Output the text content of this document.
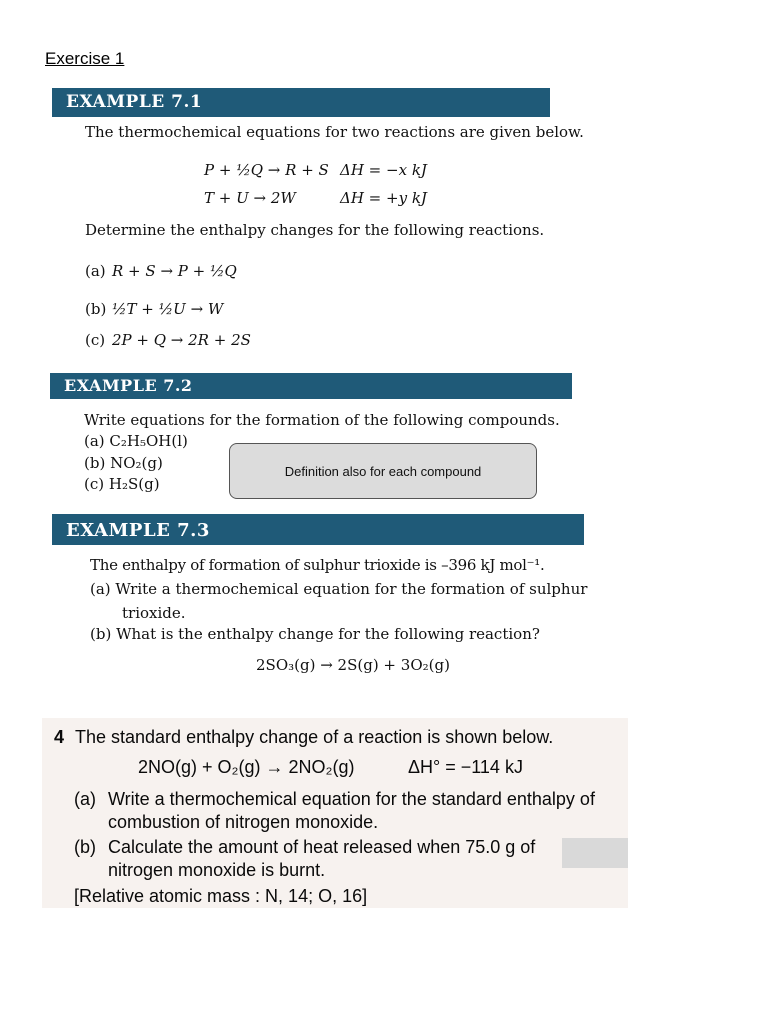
Exercise 1
EXAMPLE 7.1
The thermochemical equations for two reactions are given below.
P + ½Q → R + S ΔH = −x kJ
T + U → 2W	ΔH = +y kJ
Determine the enthalpy changes for the following reactions.
(a) R + S → P + ½Q
(b) ½T + ½U → W
(c) 2P + Q → 2R + 2S
EXAMPLE 7.2
Write equations for the formation of the following compounds.
(a) C₂H₅OH(l)
(b) NO₂(g)
(c) H₂S(g)
Definition also for each compound
EXAMPLE 7.3
The enthalpy of formation of sulphur trioxide is –396 kJ mol⁻¹.
(a) Write a thermochemical equation for the formation of sulphur
trioxide.
(b) What is the enthalpy change for the following reaction?
2SO₃(g) → 2S(g) + 3O₂(g)
4 The standard enthalpy change of a reaction is shown below.
2NO(g) + O₂(g) → 2NO₂(g)	ΔH° = −114 kJ
(a) Write a thermochemical equation for the standard enthalpy of
combustion of nitrogen monoxide.
(b) Calculate the amount of heat released when 75.0 g of
nitrogen monoxide is burnt.
[Relative atomic mass : N, 14; O, 16]
